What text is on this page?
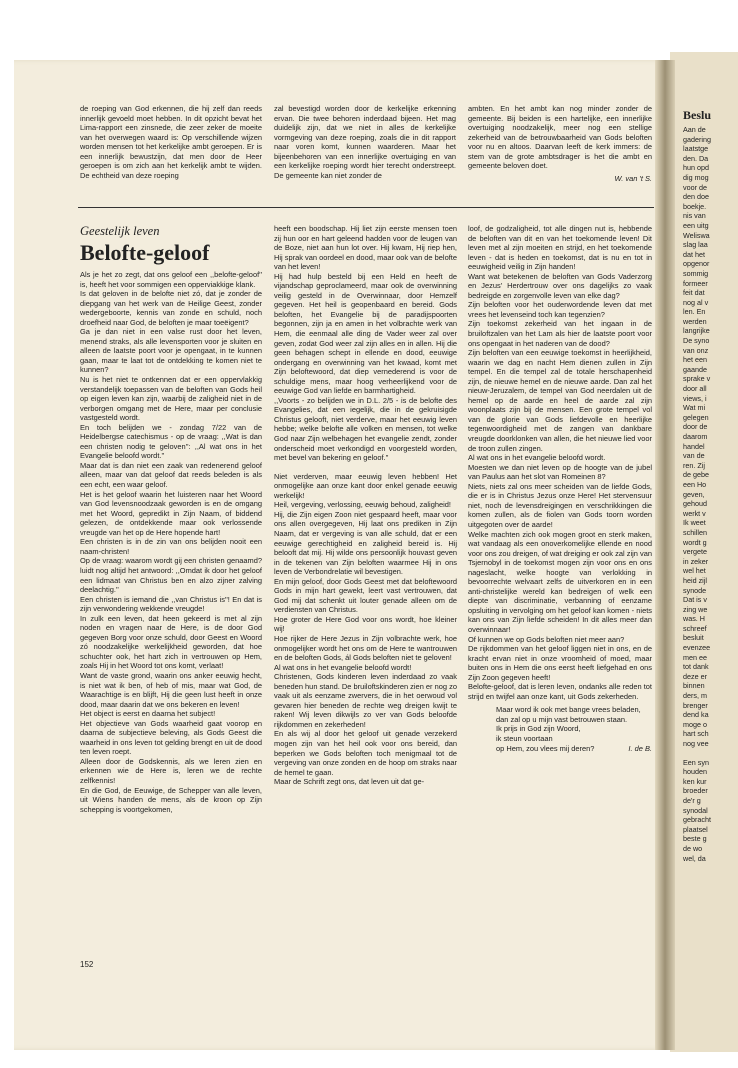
de roeping van God erkennen, die hij zelf dan reeds innerlijk gevoeld moet hebben. In dit opzicht bevat het Lima-rapport een zinsnede, die zeer zeker de moeite van het overwegen waard is: Op verschillende wijzen worden mensen tot het kerkelijke ambt geroepen. Er is een innerlijk bewustzijn, dat men door de Heer geroepen is om zich aan het kerkelijk ambt te wijden. De echtheid van deze roeping

zal bevestigd worden door de kerkelijke erkenning ervan. Die twee behoren inderdaad bijeen. Het mag duidelijk zijn, dat we niet in alles de kerkelijke vormgeving van deze roeping, zoals die in dit rapport naar voren komt, kunnen waarderen. Maar het bijeenbehoren van een innerlijke overtuiging en van een kerkelijke roeping wordt hier terecht onderstreept. De gemeente kan niet zonder de

ambten. En het ambt kan nog minder zonder de gemeente. Bij beiden is een hartelijke, een innerlijke overtuiging noodzakelijk, meer nog een stellige zekerheid van de betrouwbaarheid van Gods beloften voor nu en altoos. Daarvan leeft de kerk immers: de stem van de grote ambtsdrager is het die ambt en gemeente beloven doet.

W. van 't S.

Geestelijk leven
Belofte-geloof

Als je het zo zegt, dat ons geloof een ,,belofte-geloof'' is, heeft het voor sommigen een opperviakkige klank.

Is dat geloven in de belofte niet zó, dat je zonder de diepgang van het werk van de Heilige Geest, zonder wedergeboorte, kennis van zonde en schuld, noch droefheid naar God, de beloften je maar toeëigent?

Ga je dan niet in een valse rust door het leven, menend straks, als alle levensporten voor je sluiten en alleen de laatste poort voor je opengaat, in te kunnen gaan, maar te laat tot de ontdekking te komen niet te kunnen?

Nu is het niet te ontkennen dat er een oppervlakkig verstandelijk toepassen van de beloften van Gods heil op eigen leven kan zijn, waarbij de zaligheid niet in de verborgen omgang met de Here, maar per conclusie vastgesteld wordt.

En toch belijden we - zondag 7/22 van de Heidelbergse catechismus - op de vraag: ,,Wat is dan een christen nodig te geloven'': ,,Al wat ons in het Evangelie beloofd wordt.''

Maar dat is dan niet een zaak van redenerend geloof alleen, maar van dat geloof dat reeds beleden is als een echt, een waar geloof.

Het is het geloof waarin het luisteren naar het Woord van God levensnoodzaak geworden is en de omgang met het Woord, gepredikt in Zijn Naam, of biddend gelezen, de ontdekkende maar ook verlossende vreugde van het op de Here hopende hart!

Een christen is in de zin van ons belijden nooit een naam-christen!

Op de vraag: waarom wordt gij een christen genaamd? luidt nog altijd het antwoord: ,,Omdat ik door het geloof een lidmaat van Christus ben en alzo zijner zalving deelachtig.''

Een christen is iemand die ,,van Christus is''! En dat is zijn verwondering wekkende vreugde!

In zulk een leven, dat heen gekeerd is met al zijn noden en vragen naar de Here, is de door God gegeven Borg voor onze schuld, door Geest en Woord zó noodzakelijke werkelijkheid geworden, dat hoe schuchter ook, het hart zich in vertrouwen op Hem, zoals Hij in het Woord tot ons komt, verlaat!

Want de vaste grond, waarin ons anker eeuwig hecht, is niet wat ik ben, of heb of mis, maar wat God, de Waarachtige is en blijft, Hij die geen lust heeft in onze dood, maar daarin dat we ons bekeren en leven!

Het object is eerst en daarna het subject!

Het objectieve van Gods waarheid gaat voorop en daarna de subjectieve beleving, als Gods Geest die waarheid in ons leven tot gelding brengt en uit de dood ten leven roept.

Alleen door de Godskennis, als we leren zien en erkennen wie de Here is, leren we de rechte zelfkennis!

En die God, de Eeuwige, de Schepper van alle leven, uit Wiens handen de mens, als de kroon op Zijn schepping is voortgekomen,

heeft een boodschap. Hij liet zijn eerste mensen toen zij hun oor en hart geleend hadden voor de leugen van de Boze, niet aan hun lot over. Hij kwam, Hij riep hen, Hij sprak van oordeel en dood, maar ook van de belofte van het leven!

Hij had hulp besteld bij een Held en heeft de vijandschap geproclameerd, maar ook de overwinning veilig gesteld in de Overwinnaar, door Hemzelf gegeven. Het heil is geopenbaard en bereid. Gods beloften, het Evangelie bij de paradijspoorten begonnen, zijn ja en amen in het volbrachte werk van Hem, die eenmaal alle ding de Vader weer zal over geven, zodat God weer zal zijn alles en in allen. Hij die geen behagen schept in ellende en dood, eeuwige ondergang en overwinning van het kwaad, komt met Zijn beloftewoord, dat diep vernederend is voor de schuldige mens, maar hoog verheerlijkend voor de eeuwige God van liefde en barmhartigheid.

,,Voorts - zo belijden we in D.L. 2/5 - is de belofte des Evangelies, dat een iegelijk, die in de gekruisigde Christus gelooft, niet verderve, maar het eeuwig leven hebbe; welke belofte alle volken en mensen, tot welke God naar Zijn welbehagen het evangelie zendt, zonder onderscheid moet verkondigd en voorgesteld worden, met bevel van bekering en geloof.''

Niet verderven, maar eeuwig leven hebben! Het onmogelijke aan onze kant door enkel genade eeuwig werkelijk!

Heil, vergeving, verlossing, eeuwig behoud, zaligheid!

Hij, die Zijn eigen Zoon niet gespaard heeft, maar voor ons allen overgegeven, Hij laat ons prediken in Zijn Naam, dat er vergeving is van alle schuld, dat er een eeuwige gerechtigheid en zaligheid bereid is. Hij belooft dat mij. Hij wilde ons persoonlijk houvast geven in de tekenen van Zijn beloften waarmee Hij in ons leven de Verbondrelatie wil bevestigen.

En mijn geloof, door Gods Geest met dat beloftewoord Gods in mijn hart gewekt, leert vast vertrouwen, dat God mij dat schenkt uit louter genade alleen om de verdiensten van Christus.

Hoe groter de Here God voor ons wordt, hoe kleiner wij!

Hoe rijker de Here Jezus in Zijn volbrachte werk, hoe onmogelijker wordt het ons om de Here te wantrouwen en de beloften Gods, ál Gods beloften niet te geloven!

Al wat ons in het evangelie beloofd wordt!

Christenen, Gods kinderen leven inderdaad zo vaak beneden hun stand. De bruiloftskinderen zien er nog zo vaak uit als eenzame zwervers, die in het oerwoud vol gevaren hier beneden de rechte weg dreigen kwijt te raken! Wij leven dikwijls zo ver van Gods beloofde rijkdommen en zekerheden!

En als wij al door het geloof uit genade verzekerd mogen zijn van het heil ook voor ons bereid, dan beperken we Gods beloften toch menigmaal tot de vergeving van onze zonden en de hoop om straks naar de hemel te gaan.

Maar de Schrift zegt ons, dat leven uit dat ge-

loof, de godzaligheid, tot alle dingen nut is, hebbende de beloften van dit en van het toekomende leven! Dit leven met al zijn moeiten en strijd, en het toekomende leven - dat is heden en toekomst, dat is nu en tot in eeuwigheid veilig in Zijn handen!

Want wat betekenen de beloften van Gods Vaderzorg en Jezus' Herdertrouw over ons dagelijks zo vaak bedreigde en zorgenvolle leven van elke dag?

Zijn beloften voor het ouderwordende leven dat met vrees het levenseind toch kan tegenzien?

Zijn toekomst zekerheid van het ingaan in de bruiloftzalen van het Lam als hier de laatste poort voor ons opengaat in het naderen van de dood?

Zijn beloften van een eeuwige toekomst in heerlijkheid, waarin we dag en nacht Hem dienen zullen in Zijn tempel. En die tempel zal de totale herschapenheid zijn, de nieuwe hemel en de nieuwe aarde. Dan zal het nieuw-Jeruzalem, de tempel van God neerdalen uit de hemel op de aarde en heel de aarde zal zijn woonplaats zijn bij de mensen. Een grote tempel vol van de glorie van Gods liefdevolle en heerlijke tegenwoordigheid met de zangen van dankbare vreugde doorklonken van allen, die het nieuwe lied voor de troon zullen zingen.

Al wat ons in het evangelie beloofd wordt.

Moesten we dan niet leven op de hoogte van de jubel van Paulus aan het slot van Romeinen 8?

Niets, niets zal ons meer scheiden van de liefde Gods, die er is in Christus Jezus onze Here! Het stervensuur niet, noch de levensdreigingen en verschrikkingen die komen zullen, als de fiolen van Gods toorn worden uitgegoten over de aarde!

Welke machten zich ook mogen groot en sterk maken, wat vandaag als een onoverkomelijke ellende en nood voor ons zou dreigen, of wat dreiging er ook zal zijn van Tsjernobyl in de toekomst mogen zijn voor ons en ons nageslacht, welke hoogte van verlokking in bevoorrechte welvaart zelfs de uitverkoren en in een anti-christelijke wereld kan bedreigen of welk een diepte van discriminatie, verbanning of eenzame opsluiting in vervolging om het geloof kan komen - niets kan ons van Zijn liefde scheiden! In dit alles meer dan overwinnaar!

Of kunnen we op Gods beloften niet meer aan?

De rijkdommen van het geloof liggen niet in ons, en de kracht ervan niet in onze vroomheid of moed, maar buiten ons in Hem die ons eerst heeft liefgehad en ons Zijn Zoon gegeven heeft!

Belofte-geloof, dat is leren leven, ondanks alle reden tot strijd en twijfel aan onze kant, uit Gods zekerheden.

Maar word ik ook met bange vrees beladen,
dan zal op u mijn vast betrouwen staan.
Ik prijs in God zijn Woord,
ik steun voortaan
op Hem, zou vlees mij deren?	I. de B.
152
Beslu
Aan de
gadering
laatstge
den. Da
hun opd
dig mog
voor de
den doe
boekje.
nis van
een uitg
Weliswa
slag laa
dat het
opgenor
sommig
formeer
feit dat
nog al v
len. En
werden
langrijke
De syno
van onz
het een
gaande
sprake v
door all
views, i
Wat mi
gelegen
door de
daarom
handel
van de
ren. Zij
de gebe
een Ho
geven,
gehoud
werkt v
Ik weet
schillen
wordt g
vergete
in zeker
wel het
heid zijl
synode
Dat is v
zing we
was. H
schreef
besluit
evenzee
men ee
tot dank
deze er
binnen
ders, m
brenger
dend ka
moge o
hart sch
nog vee
Een syn
houden
ken kur
broeder
de'r g
synodal
gebracht
plaatsel
beste g
de wo
wel, da
